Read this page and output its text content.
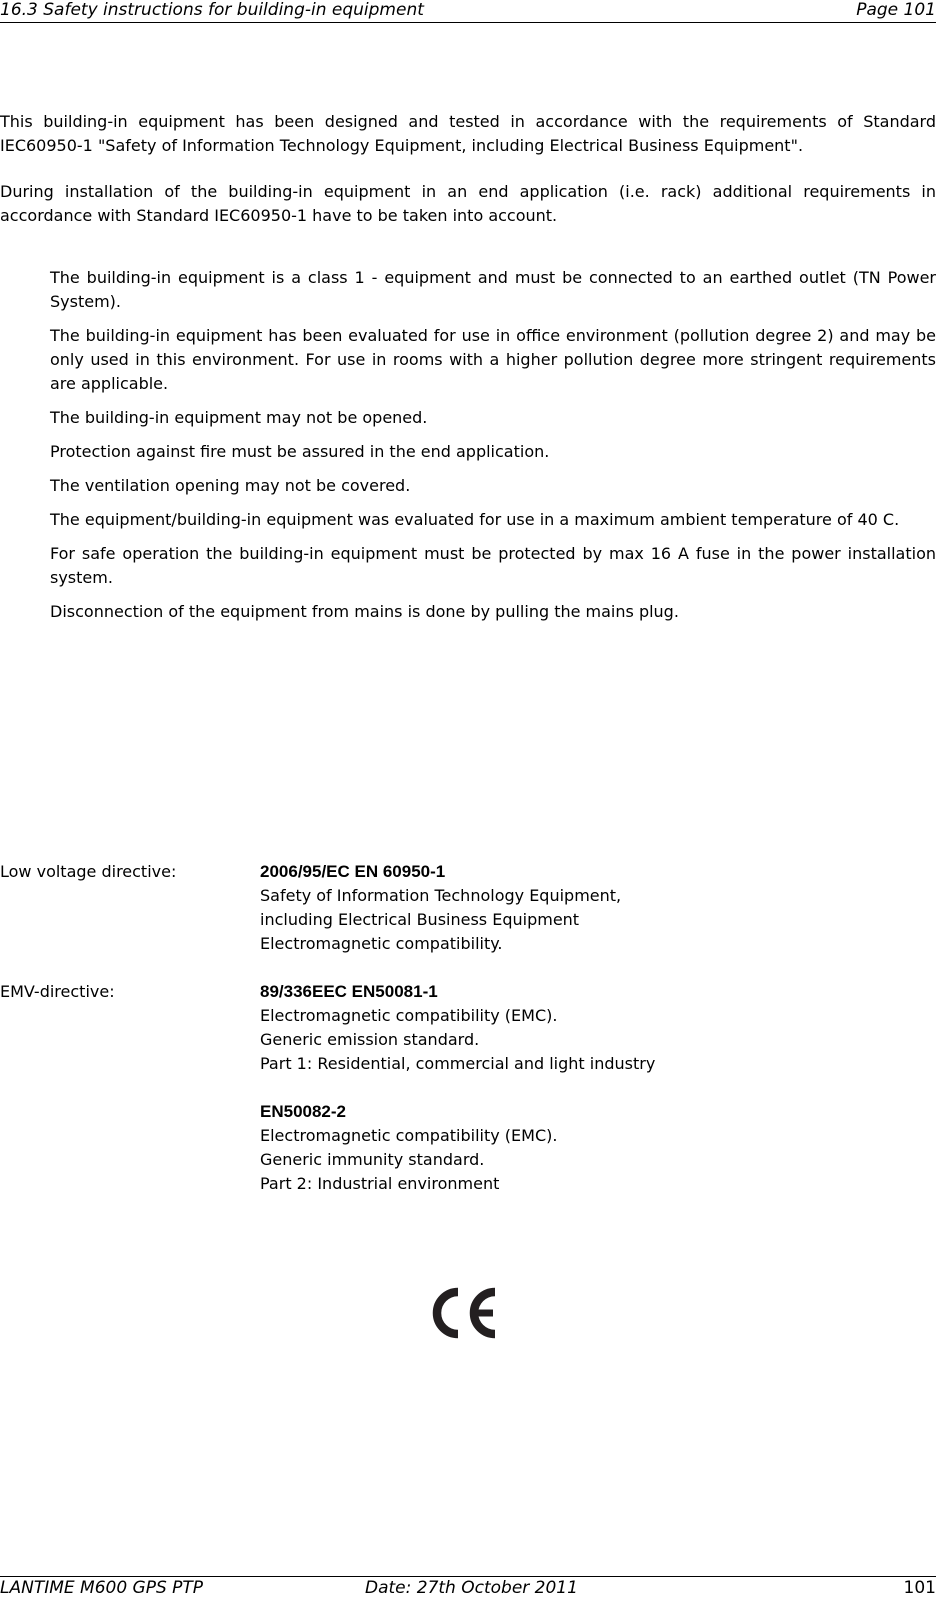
16.3 Safety instructions for building-in equipment	Page 101

This building-in equipment has been designed and tested in accordance with the requirements of Standard IEC60950-1 "Safety of Information Technology Equipment, including Electrical Business Equipment".

During installation of the building-in equipment in an end application (i.e. rack) additional requirements in accordance with Standard IEC60950-1 have to be taken into account.

The building-in equipment is a class 1 - equipment and must be connected to an earthed outlet (TN Power System).

The building-in equipment has been evaluated for use in office environment (pollution degree 2) and may be only used in this environment. For use in rooms with a higher pollution degree more stringent requirements are applicable.

The building-in equipment may not be opened.

Protection against fire must be assured in the end application.

The ventilation opening may not be covered.

The equipment/building-in equipment was evaluated for use in a maximum ambient temperature of 40 C.

For safe operation the building-in equipment must be protected by max 16 A fuse in the power installation system.

Disconnection of the equipment from mains is done by pulling the mains plug.

Low voltage directive:	2006/95/EC EN 60950-1
Safety of Information Technology Equipment,
including Electrical Business Equipment
Electromagnetic compatibility.
EMV-directive:	89/336EEC EN50081-1
Electromagnetic compatibility (EMC).
Generic emission standard.
Part 1: Residential, commercial and light industry
EN50082-2
Electromagnetic compatibility (EMC).
Generic immunity standard.
Part 2: Industrial environment
LANTIME M600 GPS PTP	Date: 27th October 2011	101
